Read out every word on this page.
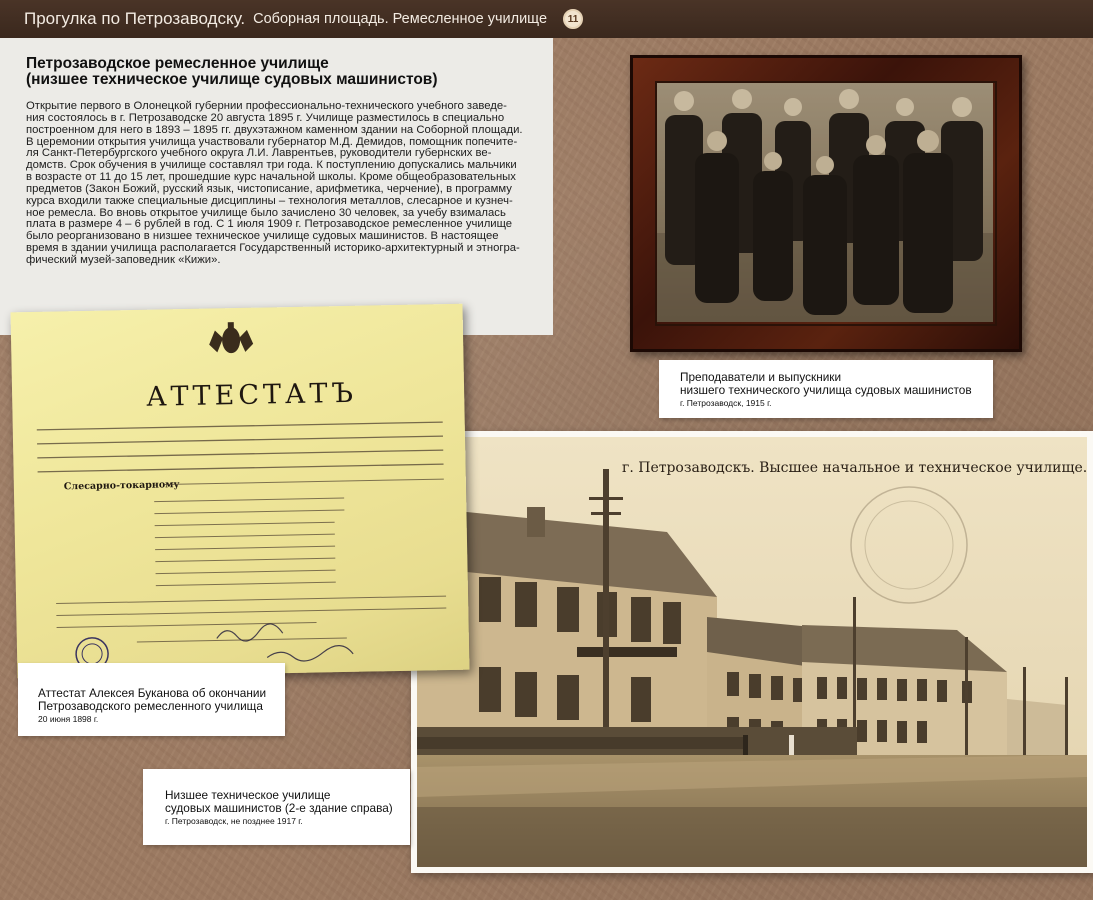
Прогулка по Петрозаводску. Соборная площадь. Ремесленное училище	11
Петрозаводское ремесленное училище
(низшее техническое училище судовых машинистов)

Открытие первого в Олонецкой губернии профессионально-технического учебного заведе-
ния состоялось в г. Петрозаводске 20 августа 1895 г. Училище разместилось в специально
построенном для него в 1893 – 1895 гг. двухэтажном каменном здании на Соборной площади.
В церемонии открытия училища участвовали губернатор М.Д. Демидов, помощник попечите-
ля Санкт-Петербургского учебного округа Л.И. Лаврентьев, руководители губернских ве-
домств. Срок обучения в училище составлял три года. К поступлению допускались мальчики
в возрасте от 11 до 15 лет, прошедшие курс начальной школы. Кроме общеобразовательных
предметов (Закон Божий, русский язык, чистописание, арифметика, черчение), в программу
курса входили также специальные дисциплины – технология металлов, слесарное и кузнеч-
ное ремесла. Во вновь открытое училище было зачислено 30 человек, за учебу взималась
плата в размере 4 – 6 рублей в год. С 1 июля 1909 г. Петрозаводское ремесленное училище
было реорганизовано в низшее техническое училище судовых машинистов. В настоящее
время в здании училища располагается Государственный историко-архитектурный и этногра-
фический музей-заповедник «Кижи».

Преподаватели и выпускники
низшего технического училища судовых машинистов
г. Петрозаводск, 1915 г.
г. Петрозаводскъ. Высшее начальное и техническое училище.
АТТЕСТАТЪ
Слесарно-токарному
Аттестат Алексея Буканова об окончании
Петрозаводского ремесленного училища
20 июня 1898 г.
Низшее техническое училище
судовых машинистов (2-е здание справа)
г. Петрозаводск, не позднее 1917 г.
